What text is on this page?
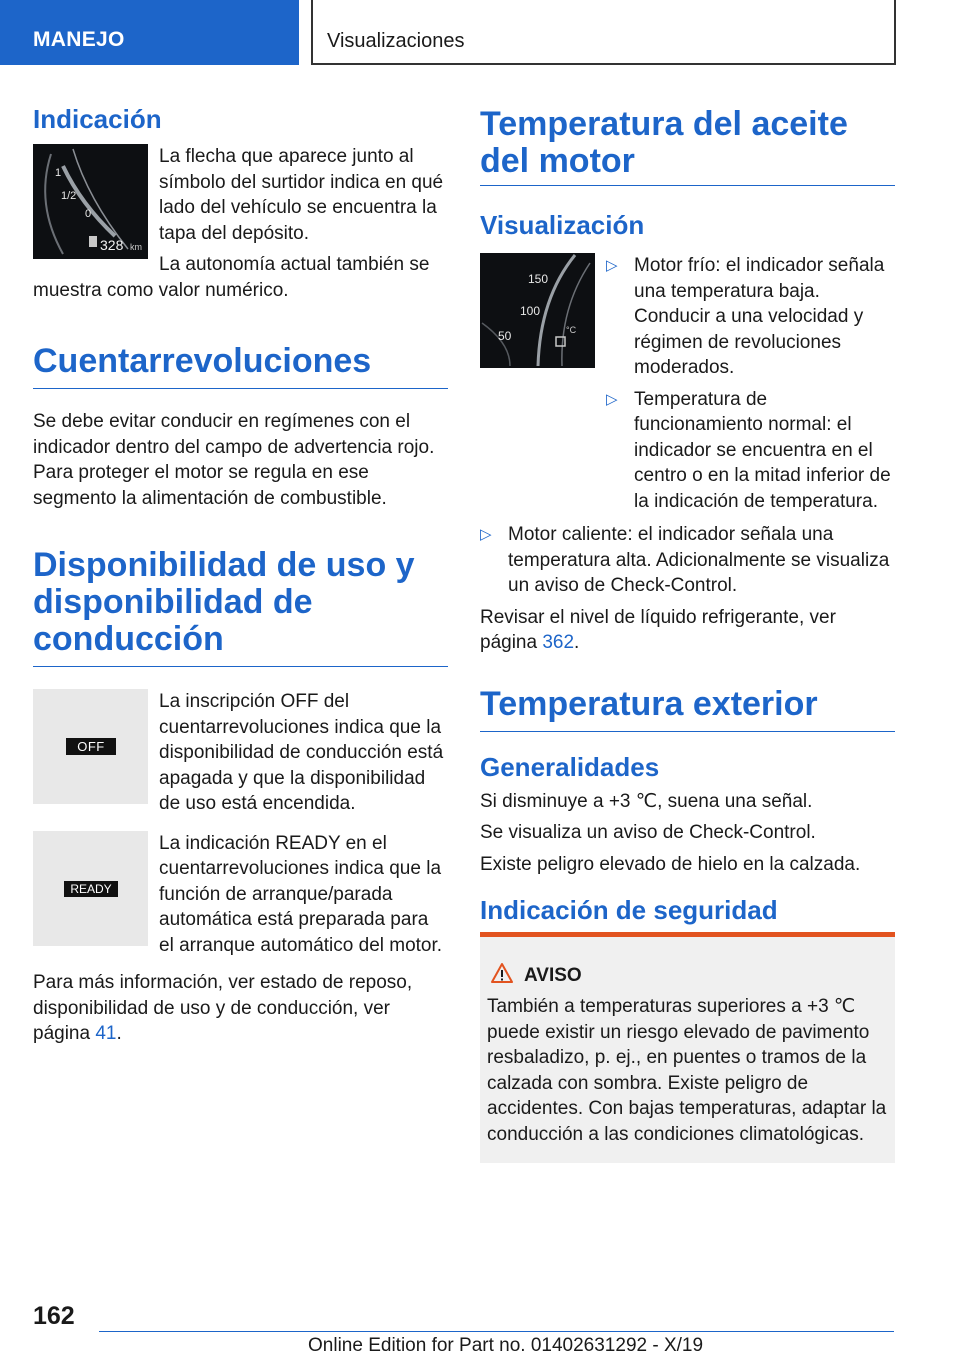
MANEJO	Visualizaciones
Indicación
1
1/2
0
328 km

La flecha que aparece junto al símbolo del surtidor indica en qué lado del vehículo se encuentra la tapa del depósito.

La autonomía actual también se muestra como valor numérico.

Cuentarrevoluciones

Se debe evitar conducir en regímenes con el indicador dentro del campo de advertencia rojo. Para proteger el motor se regula en ese segmento la alimentación de combustible.

Disponibilidad de uso y disponibilidad de conducción
OFF

La inscripción OFF del cuentarrevoluciones indica que la disponibilidad de conducción está apagada y que la disponibilidad de uso está encendida.

READY

La indicación READY en el cuentarrevoluciones indica que la función de arranque/parada automática está preparada para el arranque automático del motor.

Para más información, ver estado de reposo, disponibilidad de uso y de conducción, ver página 41.

Temperatura del aceite del motor
Visualización
150
100
50	°C
▷ Motor frío: el indicador señala una temperatura baja. Conducir a una velocidad y régimen de revoluciones moderados.
▷ Temperatura de funcionamiento normal: el indicador se encuentra en el centro o en la mitad inferior de la indicación de temperatura.
▷ Motor caliente: el indicador señala una temperatura alta. Adicionalmente se visualiza un aviso de Check-Control.

Revisar el nivel de líquido refrigerante, ver página 362.

Temperatura exterior
Generalidades

Si disminuye a +3 ℃, suena una señal.

Se visualiza un aviso de Check-Control.

Existe peligro elevado de hielo en la calzada.

Indicación de seguridad
AVISO

También a temperaturas superiores a +3 ℃ puede existir un riesgo elevado de pavimento resbaladizo, p. ej., en puentes o tramos de la calzada con sombra. Existe peligro de accidentes. Con bajas temperaturas, adaptar la conducción a las condiciones climatológicas.

162
Online Edition for Part no. 01402631292 - X/19
